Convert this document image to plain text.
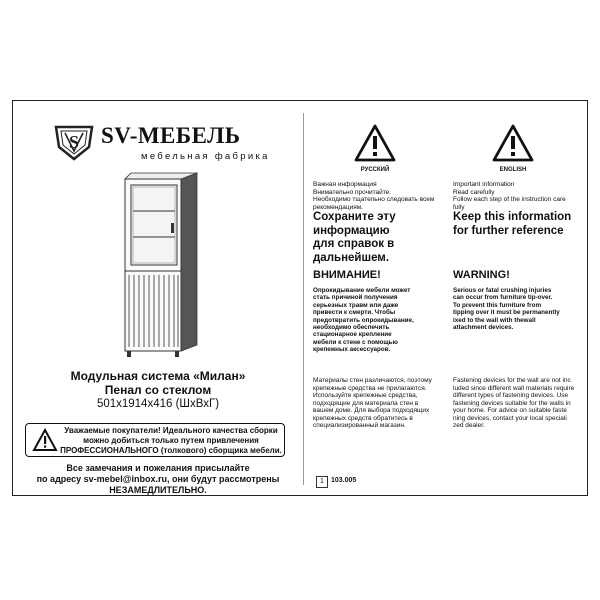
S SV-МЕБЕЛЬ
мебельная фабрика
Модульная система «Милан»
Пенал со стеклом
501х1914х416 (ШхВхГ)
Уважаемые покупатели! Идеального качества сборки можно добиться только путем привлечения ПРОФЕССИОНАЛЬНОГО (толкового) сборщика мебели.
Все замечания и пожелания присылайте
по адресу sv-mebel@inbox.ru, они будут рассмотрены
НЕЗАМЕДЛИТЕЛЬНО.
РУССКИЙ
Важная информация
Внимательно прочитайте.
Необходимо тщательно следовать всем
рекомендациям.
Сохраните эту
информацию
для справок в
дальнейшем.
ВНИМАНИЕ!
Опрокидывание мебели может
стать причиной получения
серьезных травм или даже
привести к смерти. Чтобы
предотвратить опрокидывание,
необходимо обеспечить
стационарное крепление
мебели к стене с помощью
крепежных аксессуаров.
Материалы стен различаются, поэтому
крепежные средства не прилагаются.
Используйте крепежные средства,
подходящие для материала стен в
вашем доме. Для выбора подходящих
крепежных средств обратитесь в
специализированный магазин.
ENGLISH
Important information
Read carefully
Follow each step of the instruction care
fully
Keep this information
for further reference
WARNING!
Serious or fatal crushing injuries
can occur from furniture tip-over.
To prevent this furniture from
tipping over it must be permanently
ixed to the wall with thewall
attachment devices.
Fastening devices for the wall are not inc
luded since different wall materials require
different types of fastening devices. Use
fastening devices suitable for the walls in
your home. For advice on suitable faste
ning devices, contact your local speciali
zed dealer.
1	103.005
